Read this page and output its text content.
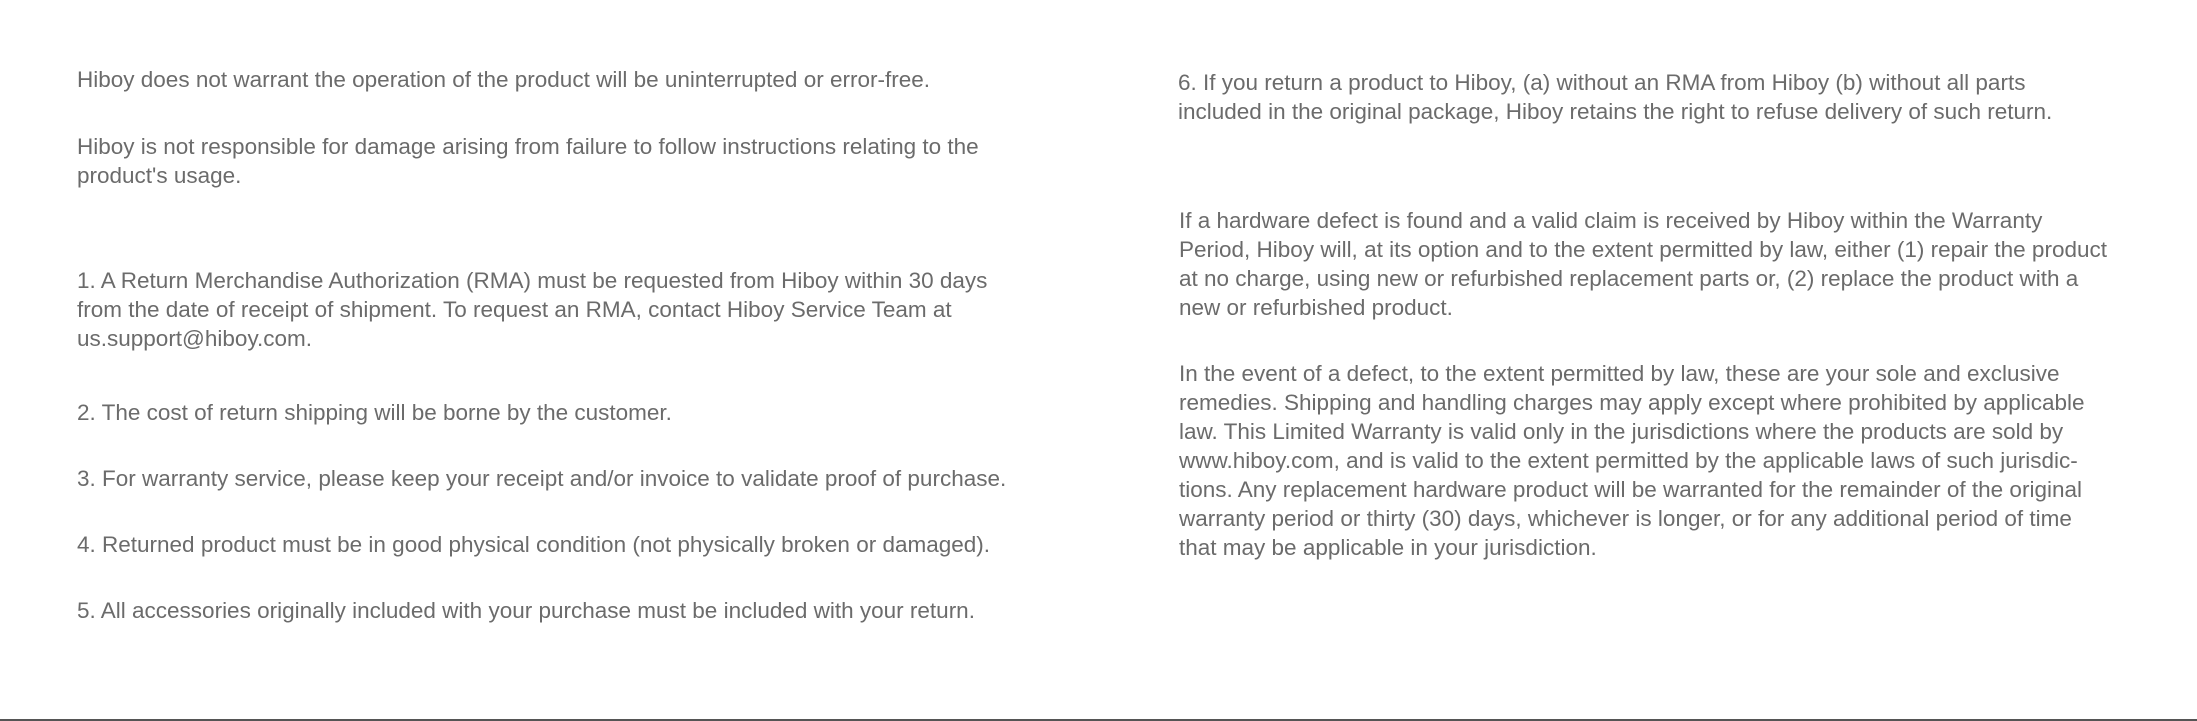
Hiboy does not warrant the operation of the product will be uninterrupted or error-free.

Hiboy is not responsible for damage arising from failure to follow instructions relating to the
product's usage.

1. A Return Merchandise Authorization (RMA) must be requested from Hiboy within 30 days
from the date of receipt of shipment. To request an RMA, contact Hiboy Service Team at
us.support@hiboy.com.

2. The cost of return shipping will be borne by the customer.

3. For warranty service, please keep your receipt and/or invoice to validate proof of purchase.

4. Returned product must be in good physical condition (not physically broken or damaged).

5. All accessories originally included with your purchase must be included with your return.

6. If you return a product to Hiboy, (a) without an RMA from Hiboy (b) without all parts
included in the original package, Hiboy retains the right to refuse delivery of such return.

If a hardware defect is found and a valid claim is received by Hiboy within the Warranty
Period, Hiboy will, at its option and to the extent permitted by law, either (1) repair the product
at no charge, using new or refurbished replacement parts or, (2) replace the product with a
new or refurbished product.

In the event of a defect, to the extent permitted by law, these are your sole and exclusive
remedies. Shipping and handling charges may apply except where prohibited by applicable
law. This Limited Warranty is valid only in the jurisdictions where the products are sold by
www.hiboy.com, and is valid to the extent permitted by the applicable laws of such jurisdic-
tions. Any replacement hardware product will be warranted for the remainder of the original
warranty period or thirty (30) days, whichever is longer, or for any additional period of time
that may be applicable in your jurisdiction.
